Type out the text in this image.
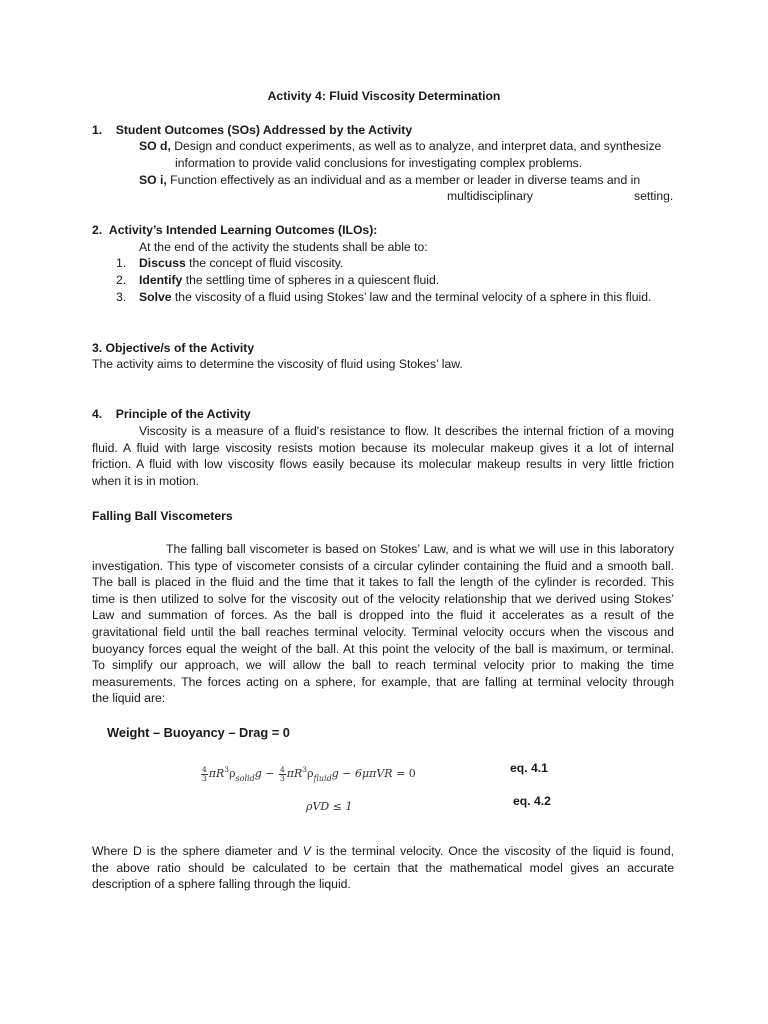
Activity 4: Fluid Viscosity Determination
1.    Student Outcomes (SOs) Addressed by the Activity
SO d, Design and conduct experiments, as well as to analyze, and interpret data, and synthesize
information to provide valid conclusions for investigating complex problems.
SO i, Function effectively as an individual and as a member or leader in diverse teams and in
multidisciplinary	setting.
2.  Activity’s Intended Learning Outcomes (ILOs):
At the end of the activity the students shall be able to:
1. Discuss the concept of fluid viscosity.
2. Identify the settling time of spheres in a quiescent fluid.
3. Solve the viscosity of a fluid using Stokes’ law and the terminal velocity of a sphere in this fluid.
3. Objective/s of the Activity
The activity aims to determine the viscosity of fluid using Stokes’ law.
4.    Principle of the Activity
Viscosity is a measure of a fluid's resistance to flow. It describes the internal friction of a moving
fluid. A fluid with large viscosity resists motion because its molecular makeup gives it a lot of internal
friction. A fluid with low viscosity flows easily because its molecular makeup results in very little friction
when it is in motion.
Falling Ball Viscometers
The falling ball viscometer is based on Stokes’ Law, and is what we will use in this laboratory
investigation. This type of viscometer consists of a circular cylinder containing the fluid and a smooth ball.
The ball is placed in the fluid and the time that it takes to fall the length of the cylinder is recorded. This
time is then utilized to solve for the viscosity out of the velocity relationship that we derived using Stokes’
Law and summation of forces. As the ball is dropped into the fluid it accelerates as a result of the
gravitational field until the ball reaches terminal velocity. Terminal velocity occurs when the viscous and
buoyancy forces equal the weight of the ball. At this point the velocity of the ball is maximum, or terminal.
To simplify our approach, we will allow the ball to reach terminal velocity prior to making the time
measurements. The forces acting on a sphere, for example, that are falling at terminal velocity through
the liquid are:
Weight – Buoyancy – Drag = 0
$\frac{4}{3} \pi R^3\rho_{solid}g - \frac{4}{3} \pi R^3\rho_{fluid}g - 6\mu\pi VR = 0$	eq. 4.1
ρVD ≤ 1	eq. 4.2
Where D is the sphere diameter and V is the terminal velocity. Once the viscosity of the liquid is found,
the above ratio should be calculated to be certain that the mathematical model gives an accurate
description of a sphere falling through the liquid.
